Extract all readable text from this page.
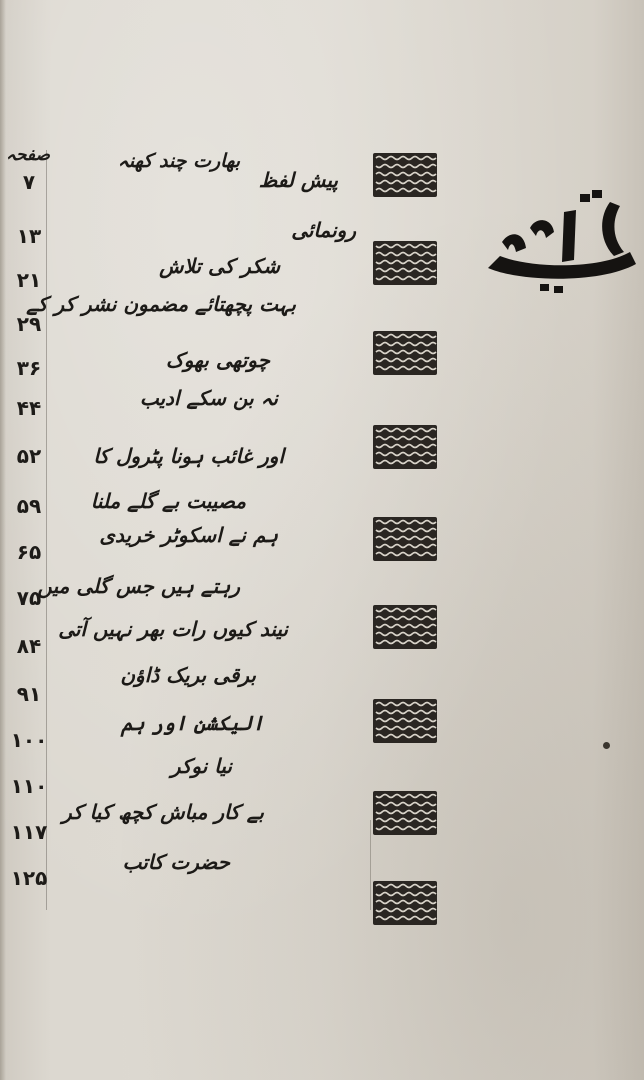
صفحہ	بھارت چند کھنہ
پیش لفظ
۷
رونمائی
۱۳
شکر کی تلاش
۲۱
بہت پچھتائے مضمون نشر کر کے
۲۹
چوتھی بھوک
۳۶
نہ بن سکے ادیب
۴۴
اور غائب ہونا پٹرول کا
۵۲
مصیبت بے گلے ملنا
۵۹
ہم نے اسکوٹر خریدی
۶۵
رہتے ہیں جس گلی میں
۷۵
نیند کیوں رات بھر نہیں آتی
۸۴
برقی بریک ڈاؤن
۹۱
الیکشن اور ہم
۱۰۰
نیا نوکر
۱۱۰
بے کار مباش کچھ کیا کر
۱۱۷
حضرت کاتب
۱۲۵
